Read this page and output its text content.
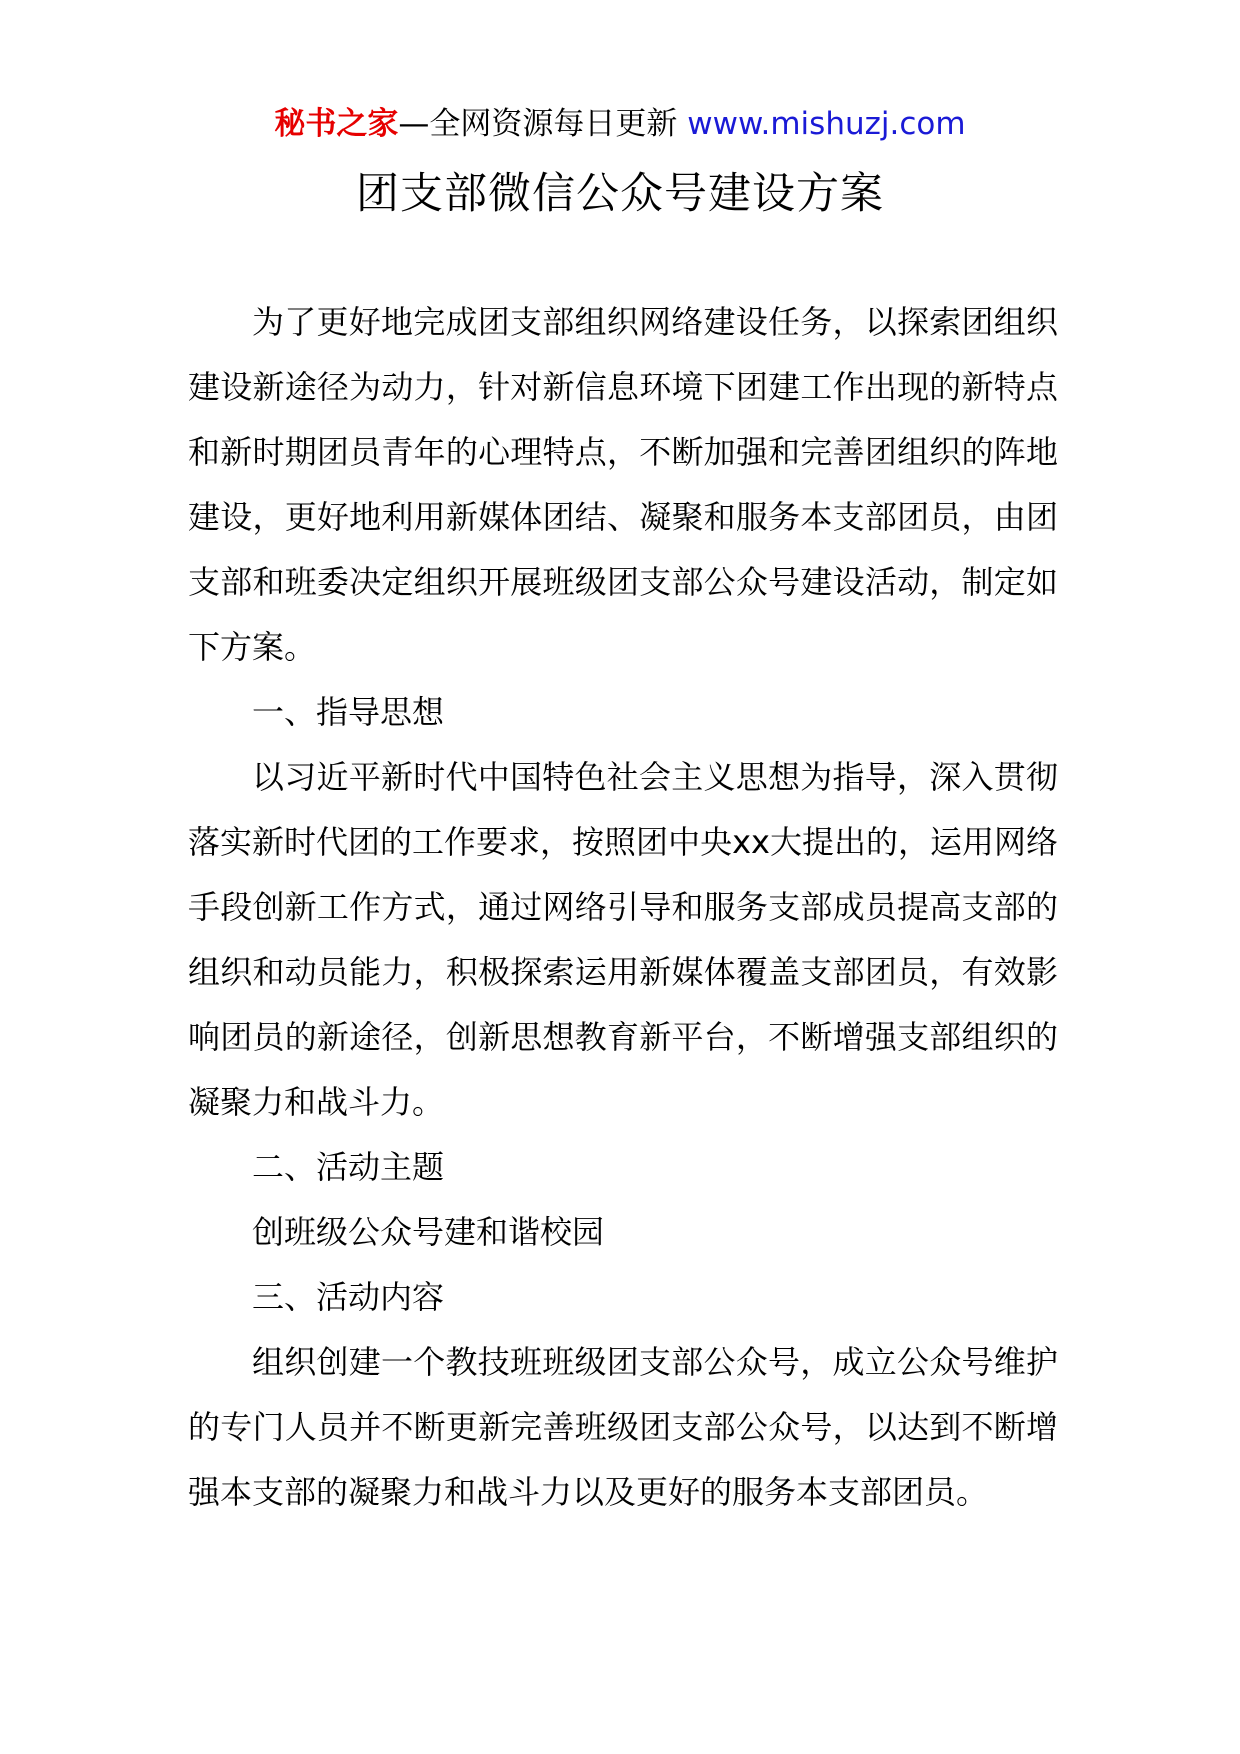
秘书之家—全网资源每日更新 www.mishuzj.com
团支部微信公众号建设方案

为了更好地完成团支部组织网络建设任务，以探索团组织建设新途径为动力，针对新信息环境下团建工作出现的新特点和新时期团员青年的心理特点，不断加强和完善团组织的阵地建设，更好地利用新媒体团结、凝聚和服务本支部团员，由团支部和班委决定组织开展班级团支部公众号建设活动，制定如下方案。

一、指导思想

以习近平新时代中国特色社会主义思想为指导，深入贯彻落实新时代团的工作要求，按照团中央xx大提出的，运用网络手段创新工作方式，通过网络引导和服务支部成员提高支部的组织和动员能力，积极探索运用新媒体覆盖支部团员，有效影响团员的新途径，创新思想教育新平台，不断增强支部组织的凝聚力和战斗力。

二、活动主题

创班级公众号建和谐校园

三、活动内容

组织创建一个教技班班级团支部公众号，成立公众号维护的专门人员并不断更新完善班级团支部公众号，以达到不断增强本支部的凝聚力和战斗力以及更好的服务本支部团员。
